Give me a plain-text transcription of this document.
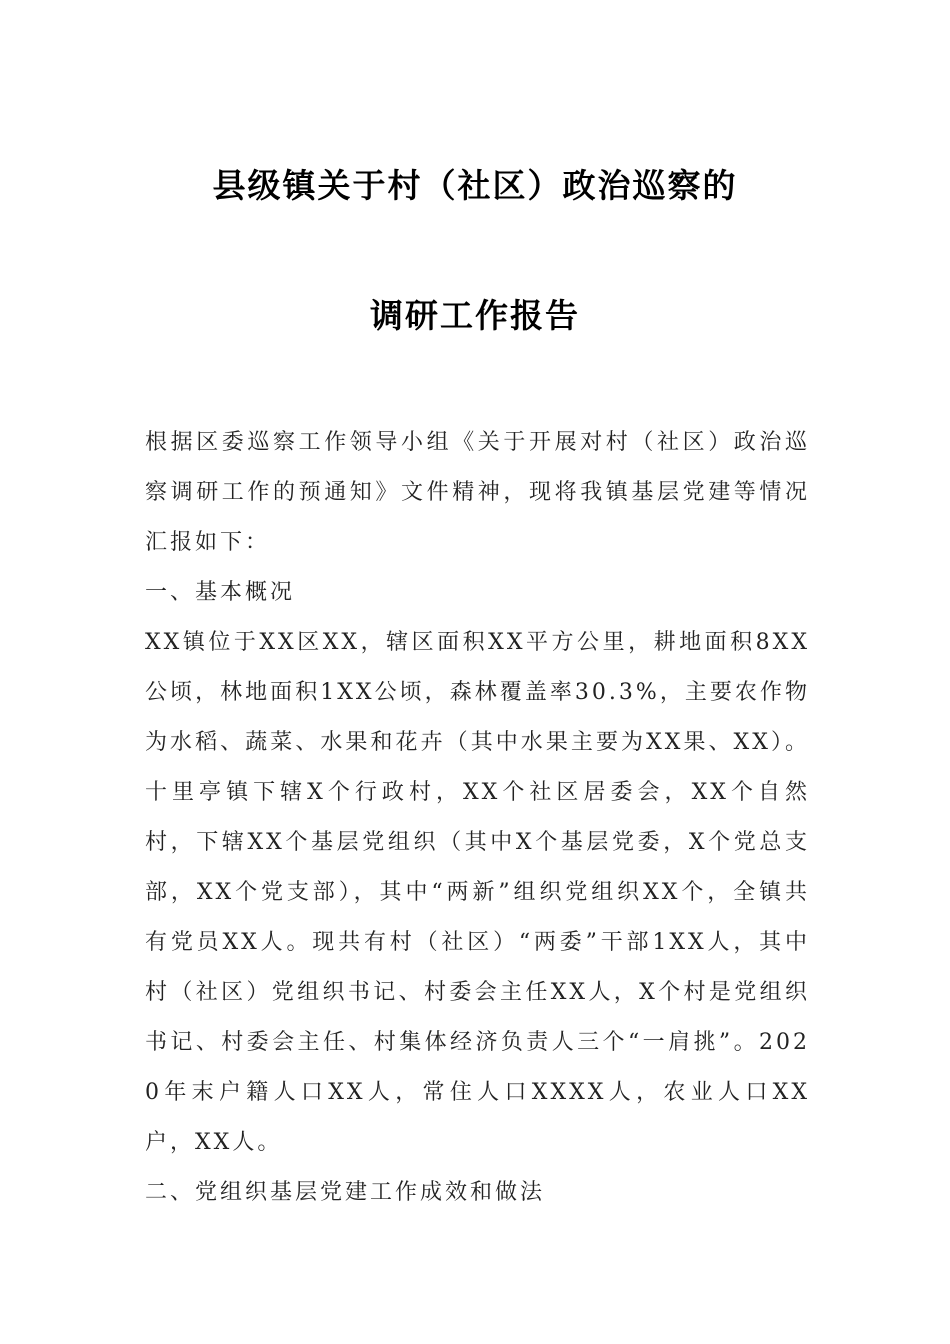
县级镇关于村（社区）政治巡察的
调研工作报告

根据区委巡察工作领导小组《关于开展对村（社区）政治巡察调研工作的预通知》文件精神，现将我镇基层党建等情况汇报如下：

一、基本概况

XX镇位于XX区XX，辖区面积XX平方公里，耕地面积8XX公顷，林地面积1XX公顷，森林覆盖率30.3%，主要农作物为水稻、蔬菜、水果和花卉（其中水果主要为XX果、XX）。十里亭镇下辖X个行政村，XX个社区居委会，XX个自然村，下辖XX个基层党组织（其中X个基层党委，X个党总支部，XX个党支部），其中“两新”组织党组织XX个，全镇共有党员XX人。现共有村（社区）“两委”干部1XX人，其中村（社区）党组织书记、村委会主任XX人，X个村是党组织书记、村委会主任、村集体经济负责人三个“一肩挑”。2020年末户籍人口XX人，常住人口XXXX人，农业人口XX户，XX人。

二、党组织基层党建工作成效和做法
